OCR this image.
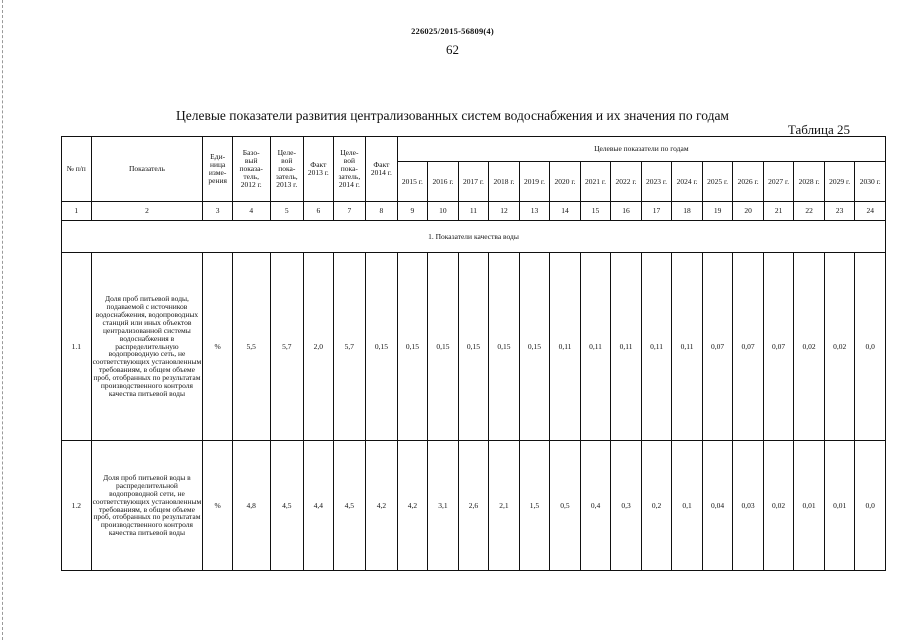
226025/2015-56809(4)
62
Целевые показатели развития централизованных систем водоснабжения и их значения по годам
Таблица 25
№ п/п	Показатель	Еди-
ница
изме-
рения	Базо-
вый
показа-
тель,
2012 г.	Целе-
вой
пока-
затель,
2013 г.	Факт
2013 г.	Целе-
вой
пока-
затель,
2014 г.	Факт
2014 г.	Целевые показатели по годам															
								2015 г.	2016 г.	2017 г.	2018 г.	2019 г.	2020 г.	2021 г.	2022 г.	2023 г.	2024 г.	2025 г.	2026 г.	2027 г.	2028 г.	2029 г.	2030 г.
1	2	3	4	5	6	7	8	9	10	11	12	13	14	15	16	17	18	19	20	21	22	23	24
1. Показатели качества воды																							
1.1	Доля проб питьевой воды, подаваемой с источников водоснабжения, водопроводных станций или иных объектов централизованной системы водоснабжения в распределительную водопроводную сеть, не соответствующих установленным требованиям, в общем объеме проб, отобранных по результатам производственного контроля качества питьевой воды	%	5,5	5,7	2,0	5,7	0,15	0,15	0,15	0,15	0,15	0,15	0,11	0,11	0,11	0,11	0,11	0,07	0,07	0,07	0,02	0,02	0,0
1.2	Доля проб питьевой воды в распределительной водопроводной сети, не соответствующих установленным требованиям, в общем объеме проб, отобранных по результатам производственного контроля качества питьевой воды	%	4,8	4,5	4,4	4,5	4,2	4,2	3,1	2,6	2,1	1,5	0,5	0,4	0,3	0,2	0,1	0,04	0,03	0,02	0,01	0,01	0,0
